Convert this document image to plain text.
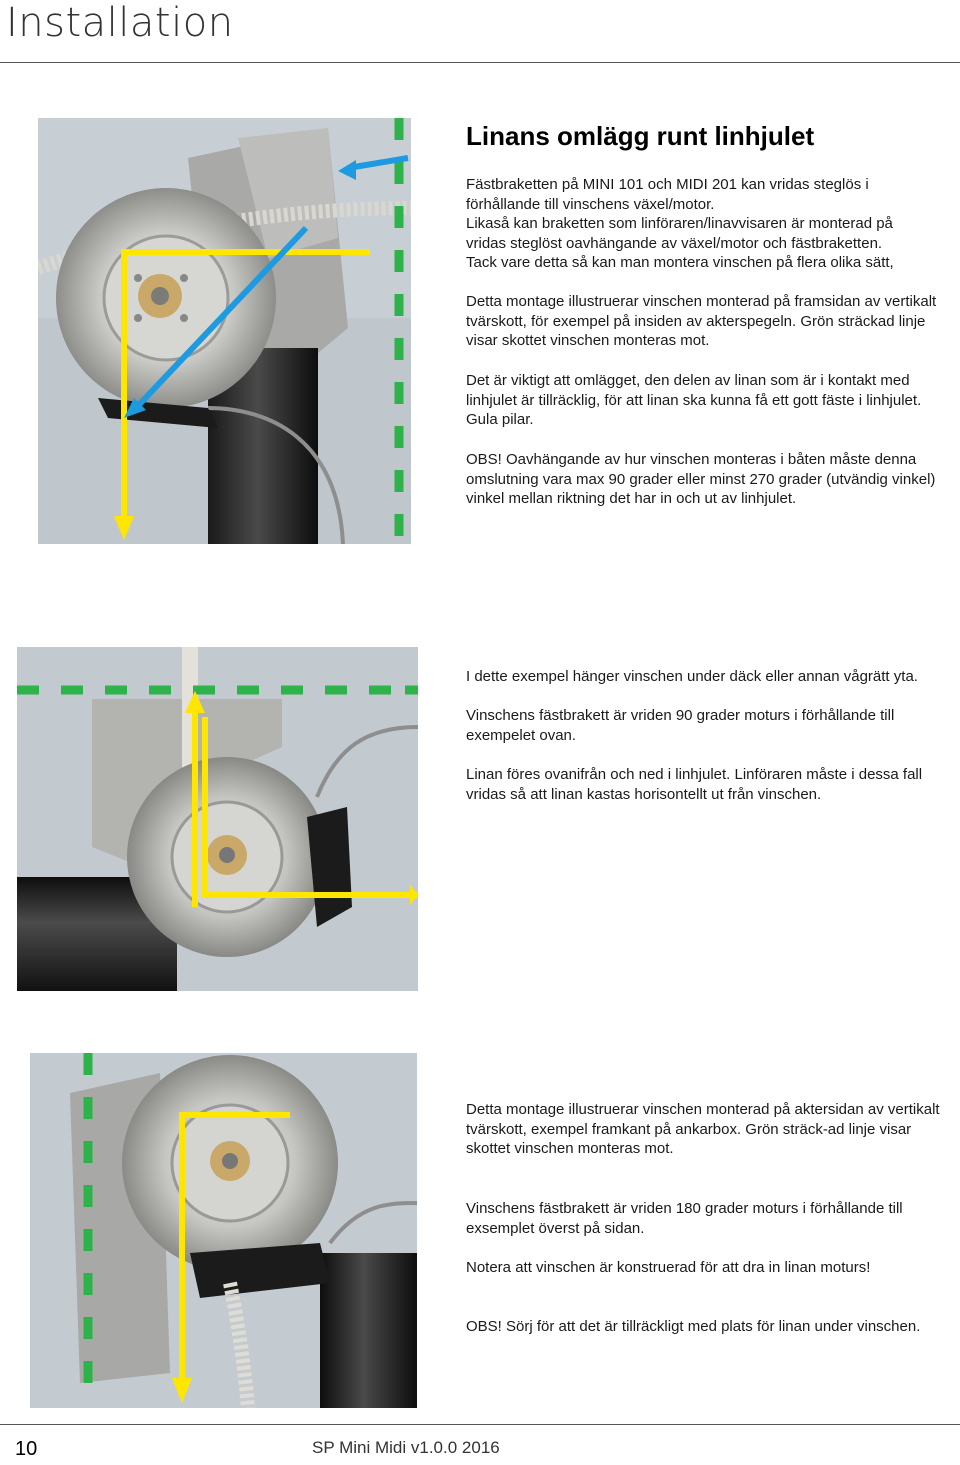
Installation
Linans omlägg runt linhjulet

Fästbraketten på MINI 101 och MIDI 201 kan vridas steglös i

förhållande till vinschens växel/motor.

Likaså kan braketten som linföraren/linavvisaren är monterad på

vridas steglöst oavhängande av växel/motor och fästbraketten.

Tack vare detta så kan man montera vinschen på flera olika sätt,

Detta montage illustruerar vinschen monterad på framsidan av vertikalt tvärskott, för exempel på insiden av akterspegeln. Grön sträckad linje visar skottet vinschen monteras mot.
Det är viktigt att omlägget, den delen av linan som är i kontakt med linhjulet är tillräcklig, för att linan ska kunna få ett gott fäste i linhjulet. Gula pilar.
OBS! Oavhängande av hur vinschen monteras i båten måste denna omslutning vara max 90 grader eller minst 270 grader (utvändig vinkel) vinkel mellan riktning det har in och ut av linhjulet.
I dette exempel hänger vinschen under däck eller annan vågrätt yta.
Vinschens fästbrakett är vriden 90 grader moturs i förhållande till exempelet ovan.
Linan föres ovanifrån och ned i linhjulet. Linföraren måste i dessa fall vridas så att linan kastas horisontellt ut från vinschen.
Detta montage illustruerar vinschen monterad på aktersidan av vertikalt tvärskott, exempel framkant på ankarbox. Grön sträck-ad linje visar skottet vinschen monteras mot.
Vinschens fästbrakett är vriden 180 grader moturs i förhållande till exsemplet överst på sidan.
Notera att vinschen är konstruerad för att dra in linan moturs!
OBS! Sörj för att det är tillräckligt med plats för linan under vinschen.
10	SP Mini Midi v1.0.0 2016
